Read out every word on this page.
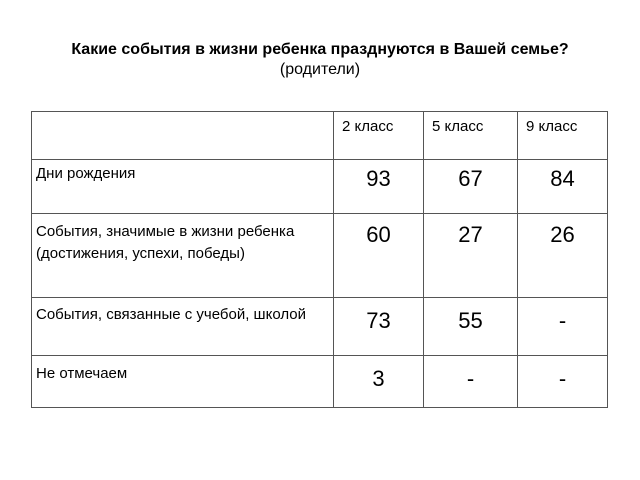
Какие события в жизни ребенка празднуются в Вашей семье?
(родители)
	2 класс	5 класс	9 класс
Дни рождения	93	67	84
События, значимые в жизни ребенка (достижения, успехи, победы)	60	27	26
События, связанные с учебой, школой	73	55	-
Не отмечаем	3	-	-
